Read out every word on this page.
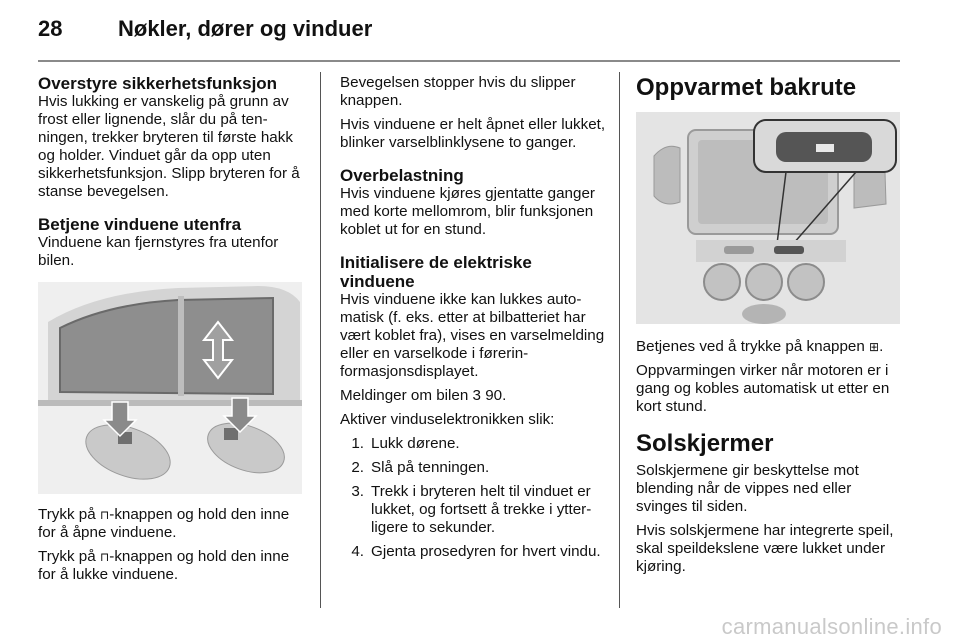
28	Nøkler, dører og vinduer
Overstyre sikkerhetsfunksjon

Hvis lukking er vanskelig på grunn av frost eller lignende, slår du på tenningen, trekker bryteren til første hakk og holder. Vinduet går da opp uten sikkerhetsfunksjon. Slipp bryteren for å stanse bevegelsen.

Betjene vinduene utenfra

Vinduene kan fjernstyres fra utenfor bilen.

Trykk på ⊓-knappen og hold den inne for å åpne vinduene.

Trykk på ⊓-knappen og hold den inne for å lukke vinduene.

Bevegelsen stopper hvis du slipper knappen.

Hvis vinduene er helt åpnet eller lukket, blinker varselblinklysene to ganger.

Overbelastning

Hvis vinduene kjøres gjentatte ganger med korte mellomrom, blir funksjonen koblet ut for en stund.

Initialisere de elektriske vinduene

Hvis vinduene ikke kan lukkes automatisk (f. eks. etter at bilbatteriet har vært koblet fra), vises en varselmelding eller en varselkode i førerinformasjonsdisplayet.

Meldinger om bilen 3 90.

Aktiver vinduselektronikken slik:

1. Lukk dørene.
2. Slå på tenningen.
3. Trekk i bryteren helt til vinduet er lukket, og fortsett å trekke i ytterligere to sekunder.
4. Gjenta prosedyren for hvert vindu.
Oppvarmet bakrute

Betjenes ved å trykke på knappen ⊞.

Oppvarmingen virker når motoren er i gang og kobles automatisk ut etter en kort stund.

Solskjermer

Solskjermene gir beskyttelse mot blending når de vippes ned eller svinges til siden.

Hvis solskjermene har integrerte speil, skal speildekslene være lukket under kjøring.

carmanualsonline.info
